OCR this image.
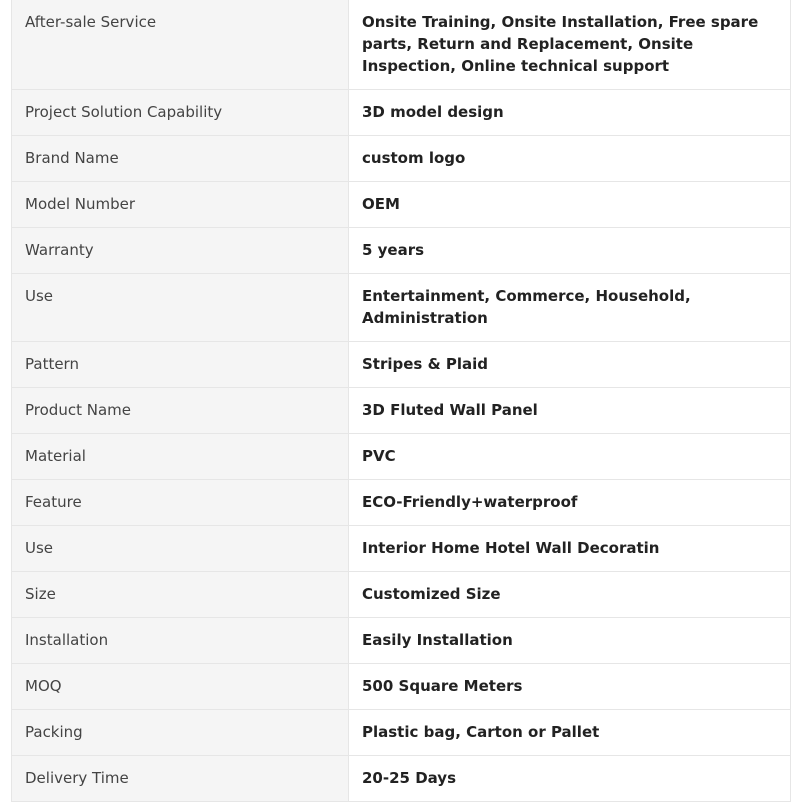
After-sale Service	Onsite Training, Onsite Installation, Free spare parts, Return and Replacement, Onsite Inspection, Online technical support
Project Solution Capability	3D model design
Brand Name	custom logo
Model Number	OEM
Warranty	5 years
Use	Entertainment, Commerce, Household, Administration
Pattern	Stripes & Plaid
Product Name	3D Fluted Wall Panel
Material	PVC
Feature	ECO-Friendly+waterproof
Use	Interior Home Hotel Wall Decoratin
Size	Customized Size
Installation	Easily Installation
MOQ	500 Square Meters
Packing	Plastic bag, Carton or Pallet
Delivery Time	20-25 Days
